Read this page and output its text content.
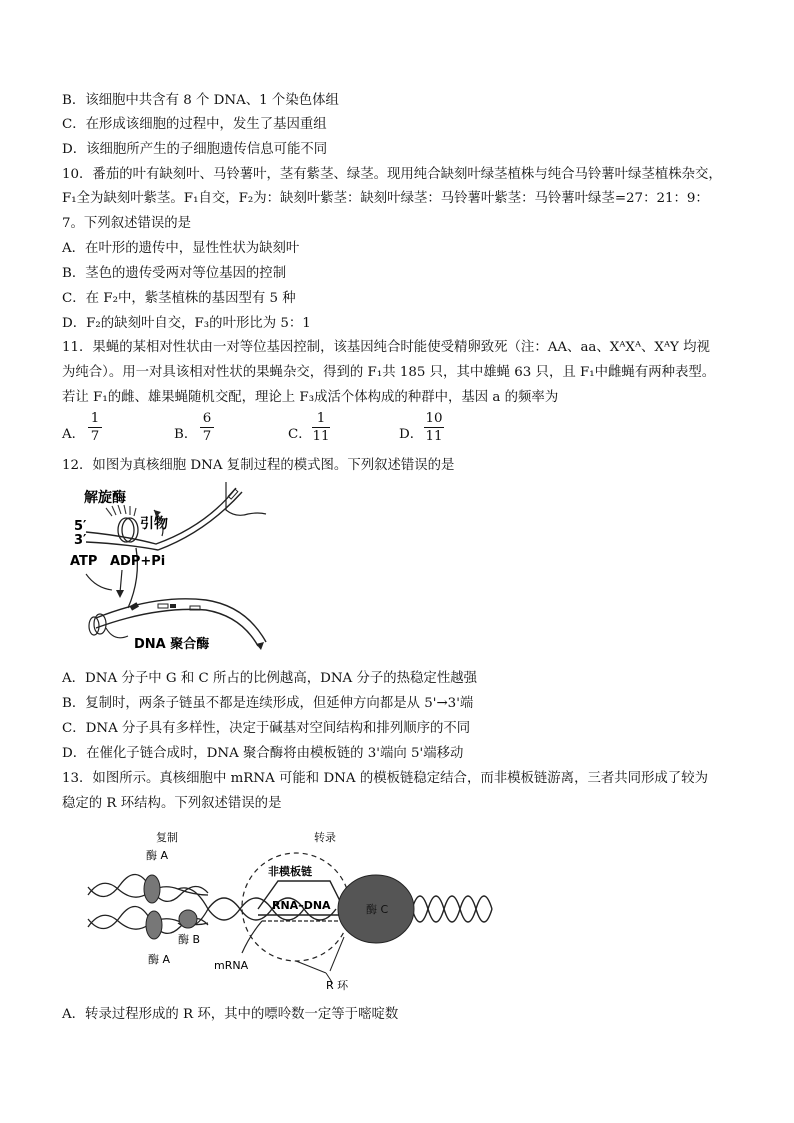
B．该细胞中共含有 8 个 DNA、1 个染色体组
C．在形成该细胞的过程中，发生了基因重组
D．该细胞所产生的子细胞遗传信息可能不同
10．番茄的叶有缺刻叶、马铃薯叶，茎有紫茎、绿茎。现用纯合缺刻叶绿茎植株与纯合马铃薯叶绿茎植株杂交，
F₁全为缺刻叶紫茎。F₁自交，F₂为：缺刻叶紫茎：缺刻叶绿茎：马铃薯叶紫茎：马铃薯叶绿茎=27：21：9：
7。下列叙述错误的是
A．在叶形的遗传中，显性性状为缺刻叶
B．茎色的遗传受两对等位基因的控制
C．在 F₂中，紫茎植株的基因型有 5 种
D．F₂的缺刻叶自交，F₃的叶形比为 5：1
11．果蝇的某相对性状由一对等位基因控制，该基因纯合时能使受精卵致死（注：AA、aa、XᴬXᴬ、XᴬY 均视
为纯合）。用一对具该相对性状的果蝇杂交，得到的 F₁共 185 只，其中雄蝇 63 只，且 F₁中雌蝇有两种表型。
若让 F₁的雌、雄果蝇随机交配，理论上 F₃成活个体构成的种群中，基因 a 的频率为
A．
1
7	B．
6
7	C．
1
11	D．
10
11
12．如图为真核细胞 DNA 复制过程的模式图。下列叙述错误的是
解旋酶
5′
3′
引物
ATP ADP+Pi
DNA 聚合酶
A．DNA 分子中 G 和 C 所占的比例越高，DNA 分子的热稳定性越强
B．复制时，两条子链虽不都是连续形成，但延伸方向都是从 5'→3'端
C．DNA 分子具有多样性，决定于碱基对空间结构和排列顺序的不同
D．在催化子链合成时，DNA 聚合酶将由模板链的 3'端向 5'端移动
13．如图所示。真核细胞中 mRNA 可能和 DNA 的模板链稳定结合，而非模板链游离，三者共同形成了较为
稳定的 R 环结构。下列叙述错误的是
复制	转录
酶 A
酶 A
酶 B
非模板链
RNA–DNA
mRNA
酶 C
R 环
A．转录过程形成的 R 环，其中的嘌呤数一定等于嘧啶数
